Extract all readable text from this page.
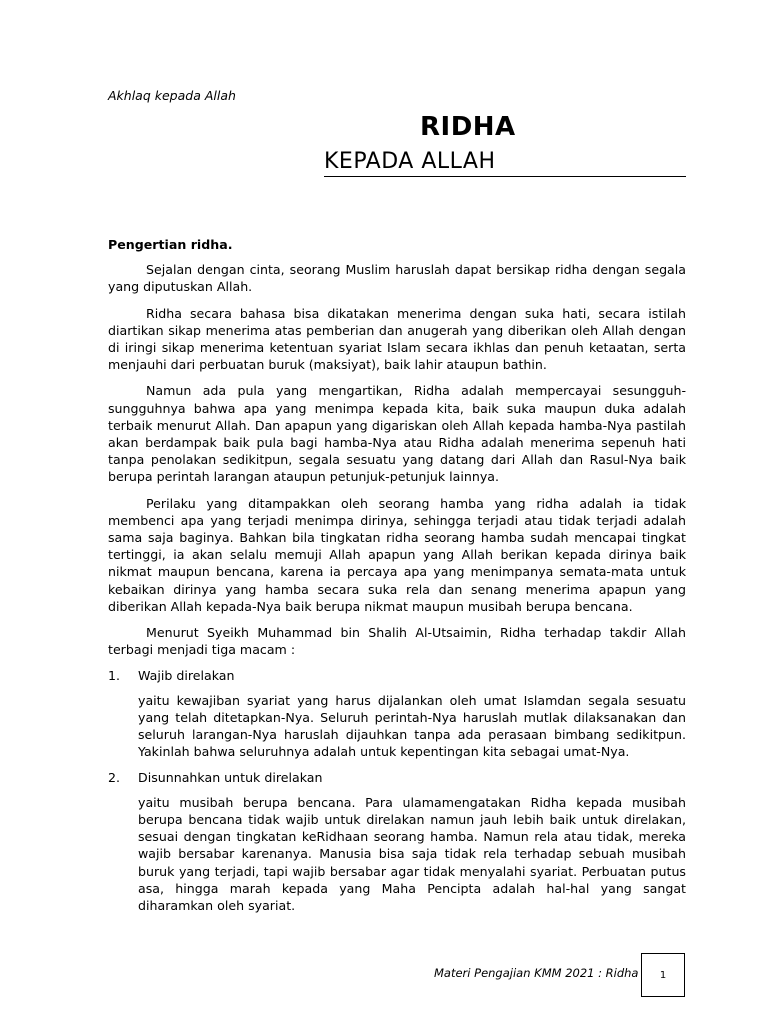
Akhlaq kepada Allah
RIDHA
KEPADA ALLAH

Pengertian ridha.

Sejalan dengan cinta, seorang Muslim haruslah dapat bersikap ridha dengan segala yang diputuskan Allah.

Ridha secara bahasa bisa dikatakan menerima dengan suka hati, secara istilah diartikan sikap menerima atas pemberian dan anugerah yang diberikan oleh Allah dengan di iringi sikap menerima ketentuan syariat Islam secara ikhlas dan penuh ketaatan, serta menjauhi dari perbuatan buruk (maksiyat), baik lahir ataupun bathin.

Namun ada pula yang mengartikan, Ridha adalah mempercayai sesungguh-sungguhnya bahwa apa yang menimpa kepada kita, baik suka maupun duka adalah terbaik menurut Allah. Dan apapun yang digariskan oleh Allah kepada hamba-Nya pastilah akan berdampak baik pula bagi hamba-Nya atau Ridha adalah menerima sepenuh hati tanpa penolakan sedikitpun, segala sesuatu yang datang dari Allah dan Rasul-Nya baik berupa perintah larangan ataupun petunjuk-petunjuk lainnya.

Perilaku yang ditampakkan oleh seorang hamba yang ridha adalah ia tidak membenci apa yang terjadi menimpa dirinya, sehingga terjadi atau tidak terjadi adalah sama saja baginya. Bahkan bila tingkatan ridha seorang hamba sudah mencapai tingkat tertinggi, ia akan selalu memuji Allah apapun yang Allah berikan kepada dirinya baik nikmat maupun bencana, karena ia percaya apa yang menimpanya semata-mata untuk kebaikan dirinya yang hamba secara suka rela dan senang menerima apapun yang diberikan Allah kepada-Nya baik berupa nikmat maupun musibah berupa bencana.

Menurut Syeikh Muhammad bin Shalih Al-Utsaimin, Ridha terhadap takdir Allah terbagi menjadi tiga macam :

1. Wajib direlakan

yaitu kewajiban syariat yang harus dijalankan oleh umat Islamdan segala sesuatu yang telah ditetapkan-Nya. Seluruh perintah-Nya haruslah mutlak dilaksanakan dan seluruh larangan-Nya haruslah dijauhkan tanpa ada perasaan bimbang sedikitpun. Yakinlah bahwa seluruhnya adalah untuk kepentingan kita sebagai umat-Nya.

2. Disunnahkan untuk direlakan

yaitu musibah berupa bencana. Para ulamamengatakan Ridha kepada musibah berupa bencana tidak wajib untuk direlakan namun jauh lebih baik untuk direlakan, sesuai dengan tingkatan keRidhaan seorang hamba. Namun rela atau tidak, mereka wajib bersabar karenanya. Manusia bisa saja tidak rela terhadap sebuah musibah buruk yang terjadi, tapi wajib bersabar agar tidak menyalahi syariat. Perbuatan putus asa, hingga marah kepada yang Maha Pencipta adalah hal-hal yang sangat diharamkan oleh syariat.

Materi Pengajian KMM 2021 : Ridha 1
